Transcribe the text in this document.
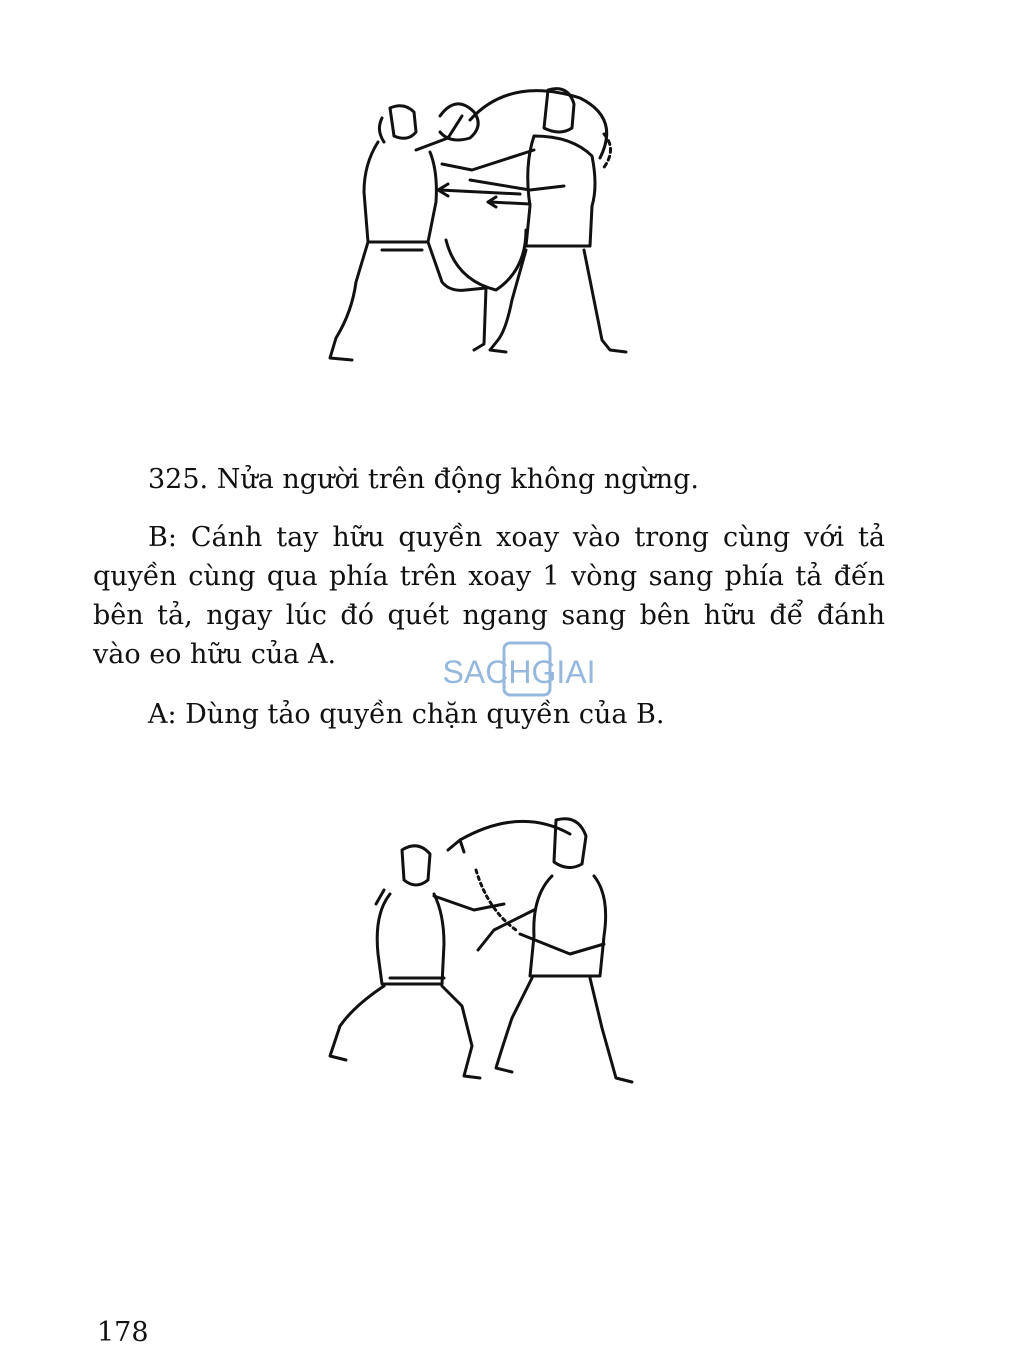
325. Nửa người trên động không ngừng.

B: Cánh tay hữu quyền xoay vào trong cùng với tả quyền cùng qua phía trên xoay 1 vòng sang phía tả đến bên tả, ngay lúc đó quét ngang sang bên hữu để đánh vào eo hữu của A.

A: Dùng tảo quyền chặn quyền của B.

SACHGIAI
178
